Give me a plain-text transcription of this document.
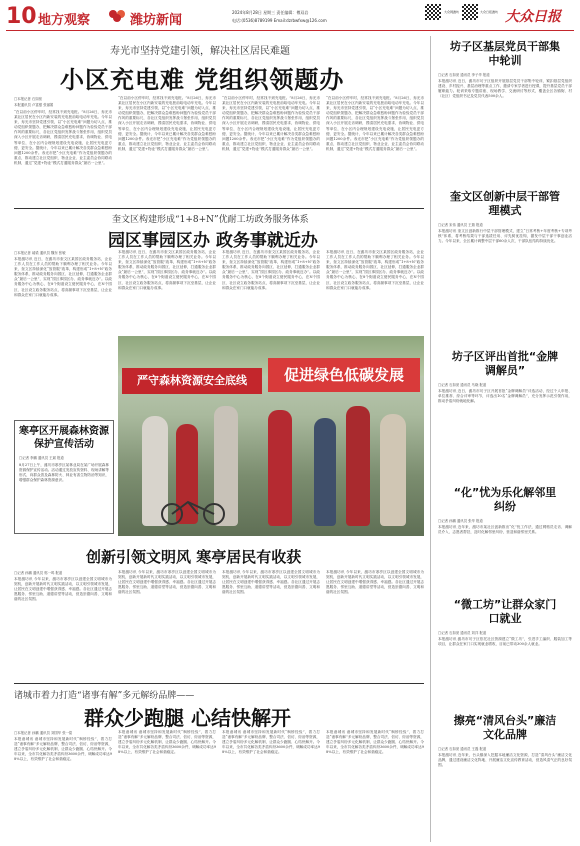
10 地方观察	潍坊新闻
2024年8月28日 星期三 责任编辑：傅双岩
电话:(0536)8789199 Email:dzrbwfxw@126.com
大众网潍坊	大众日报潍坊 大众日报
寿光市坚持党建引领，解决社区居民难题
小区充电难 党组织领题办
□本报记者 石如宽
本报通讯员 卢富强 张丽娟
“在以前小区停车时，经常找不到充电桩。”8月26日，寿光市某社区居民在小区内新安装的充电桩前给电动车充电。今年以来，寿光市坚持党建引领，以“小区充电难”问题为切入点，推动党组织领题办，把解决群众急难愁盼问题作为检验党员干部作风的重要标尺，各社区党组织发挥战斗堡垒作用，组织党员深入小区开展走访调研，摸清居民充电需求，协调物业、供电等单位，在小区内合理规划建设充电设施，让居民充电更方便、更安全。据统计，今年以来已累计解决各类群众急难愁盼问题1200余件。寿光市把“小区充电难”作为党组织领题办的重点，推动建立社区党组织、物业企业、业主委员会协同联动机制，通过“党建+物业”模式打通服务群众“最后一公里”。
“在以前小区停车时，经常找不到充电桩。”8月26日，寿光市某社区居民在小区内新安装的充电桩前给电动车充电。今年以来，寿光市坚持党建引领，以“小区充电难”问题为切入点，推动党组织领题办，把解决群众急难愁盼问题作为检验党员干部作风的重要标尺，各社区党组织发挥战斗堡垒作用，组织党员深入小区开展走访调研，摸清居民充电需求，协调物业、供电等单位，在小区内合理规划建设充电设施，让居民充电更方便、更安全。据统计，今年以来已累计解决各类群众急难愁盼问题1200余件。寿光市把“小区充电难”作为党组织领题办的重点，推动建立社区党组织、物业企业、业主委员会协同联动机制，通过“党建+物业”模式打通服务群众“最后一公里”。
“在以前小区停车时，经常找不到充电桩。”8月26日，寿光市某社区居民在小区内新安装的充电桩前给电动车充电。今年以来，寿光市坚持党建引领，以“小区充电难”问题为切入点，推动党组织领题办，把解决群众急难愁盼问题作为检验党员干部作风的重要标尺，各社区党组织发挥战斗堡垒作用，组织党员深入小区开展走访调研，摸清居民充电需求，协调物业、供电等单位，在小区内合理规划建设充电设施，让居民充电更方便、更安全。据统计，今年以来已累计解决各类群众急难愁盼问题1200余件。寿光市把“小区充电难”作为党组织领题办的重点，推动建立社区党组织、物业企业、业主委员会协同联动机制，通过“党建+物业”模式打通服务群众“最后一公里”。
“在以前小区停车时，经常找不到充电桩。”8月26日，寿光市某社区居民在小区内新安装的充电桩前给电动车充电。今年以来，寿光市坚持党建引领，以“小区充电难”问题为切入点，推动党组织领题办，把解决群众急难愁盼问题作为检验党员干部作风的重要标尺，各社区党组织发挥战斗堡垒作用，组织党员深入小区开展走访调研，摸清居民充电需求，协调物业、供电等单位，在小区内合理规划建设充电设施，让居民充电更方便、更安全。据统计，今年以来已累计解决各类群众急难愁盼问题1200余件。寿光市把“小区充电难”作为党组织领题办的重点，推动建立社区党组织、物业企业、业主委员会协同联动机制，通过“党建+物业”模式打通服务群众“最后一公里”。
奎文区构建形成“1+8+N”优耐工坊政务服务体系
园区事园区办 政务事就近办
□本报记者 郝梁 通讯员 魏东 张敏
本报潍坊讯 近日，在潍坊市奎文区某园区政务服务站，企业工作人员在工作人员的帮助下顺利办理了相关业务。今年以来，奎文区持续深化“放管服”改革，构建形成“1+8+N”政务服务体系，推动政务服务向园区、社区延伸，打通服务企业群众“最后一公里”，实现“园区事园区办、政务事就近办”。以政务服务中心为核心，在8个街道设立便民服务中心，在N个园区、社区设立政务服务站点，将高频事项下沉至基层，让企业和群众在家门口就能办成事。
本报潍坊讯 近日，在潍坊市奎文区某园区政务服务站，企业工作人员在工作人员的帮助下顺利办理了相关业务。今年以来，奎文区持续深化“放管服”改革，构建形成“1+8+N”政务服务体系，推动政务服务向园区、社区延伸，打通服务企业群众“最后一公里”，实现“园区事园区办、政务事就近办”。以政务服务中心为核心，在8个街道设立便民服务中心，在N个园区、社区设立政务服务站点，将高频事项下沉至基层，让企业和群众在家门口就能办成事。
本报潍坊讯 近日，在潍坊市奎文区某园区政务服务站，企业工作人员在工作人员的帮助下顺利办理了相关业务。今年以来，奎文区持续深化“放管服”改革，构建形成“1+8+N”政务服务体系，推动政务服务向园区、社区延伸，打通服务企业群众“最后一公里”，实现“园区事园区办、政务事就近办”。以政务服务中心为核心，在8个街道设立便民服务中心，在N个园区、社区设立政务服务站点，将高频事项下沉至基层，让企业和群众在家门口就能办成事。
本报潍坊讯 近日，在潍坊市奎文区某园区政务服务站，企业工作人员在工作人员的帮助下顺利办理了相关业务。今年以来，奎文区持续深化“放管服”改革，构建形成“1+8+N”政务服务体系，推动政务服务向园区、社区延伸，打通服务企业群众“最后一公里”，实现“园区事园区办、政务事就近办”。以政务服务中心为核心，在8个街道设立便民服务中心，在N个园区、社区设立政务服务站点，将高频事项下沉至基层，让企业和群众在家门口就能办成事。
严守森林资源安全底线	促进绿色低碳发展
寒亭区开展森林资源保护宣传活动
□记者 李鹏 通讯员 王斌 报道
8月27日上午，潍坊市寒亭区某林业局在某广场开展森林资源保护宣传活动。活动通过发放宣传资料、现场讲解等形式，向群众普及森林防火、林业有害生物防治等知识，增强群众保护森林资源意识。
创新引领文明风 寒亭居民有收获
□记者 孙鹏 通讯员 郭一鸣 报道
本报潍坊讯 今年以来，潍坊市寒亭区以创建全国文明城市为契机，创新开展新时代文明实践活动，以文明引领城市发展，让居民在文明创建中增强获得感、幸福感。各社区通过开展志愿服务、邻里互助、道德讲堂等活动，营造崇德向善、文明和谐的社区氛围。
本报潍坊讯 今年以来，潍坊市寒亭区以创建全国文明城市为契机，创新开展新时代文明实践活动，以文明引领城市发展，让居民在文明创建中增强获得感、幸福感。各社区通过开展志愿服务、邻里互助、道德讲堂等活动，营造崇德向善、文明和谐的社区氛围。
本报潍坊讯 今年以来，潍坊市寒亭区以创建全国文明城市为契机，创新开展新时代文明实践活动，以文明引领城市发展，让居民在文明创建中增强获得感、幸福感。各社区通过开展志愿服务、邻里互助、道德讲堂等活动，营造崇德向善、文明和谐的社区氛围。
本报潍坊讯 今年以来，潍坊市寒亭区以创建全国文明城市为契机，创新开展新时代文明实践活动，以文明引领城市发展，让居民在文明创建中增强获得感、幸福感。各社区通过开展志愿服务、邻里互助、道德讲堂等活动，营造崇德向善、文明和谐的社区氛围。
诸城市着力打造“诸事有解”多元解纷品牌——
群众少跑腿 心结快解开
□本报记者 孙鹏 通讯员 刘国华 张一铭
本报诸城讯 诸城市坚持和发展新时代“枫桥经验”，着力打造“诸事有解”多元解纷品牌，整合司法、信访、综治等资源，建立矛盾纠纷多元化解机制，让群众少跑腿、心结快解开。今年以来，全市共化解各类矛盾纠纷3600余件，调解成功率达98%以上，有效维护了社会和谐稳定。
本报诸城讯 诸城市坚持和发展新时代“枫桥经验”，着力打造“诸事有解”多元解纷品牌，整合司法、信访、综治等资源，建立矛盾纠纷多元化解机制，让群众少跑腿、心结快解开。今年以来，全市共化解各类矛盾纠纷3600余件，调解成功率达98%以上，有效维护了社会和谐稳定。
本报诸城讯 诸城市坚持和发展新时代“枫桥经验”，着力打造“诸事有解”多元解纷品牌，整合司法、信访、综治等资源，建立矛盾纠纷多元化解机制，让群众少跑腿、心结快解开。今年以来，全市共化解各类矛盾纠纷3600余件，调解成功率达98%以上，有效维护了社会和谐稳定。
本报诸城讯 诸城市坚持和发展新时代“枫桥经验”，着力打造“诸事有解”多元解纷品牌，整合司法、信访、综治等资源，建立矛盾纠纷多元化解机制，让群众少跑腿、心结快解开。今年以来，全市共化解各类矛盾纠纷3600余件，调解成功率达98%以上，有效维护了社会和谐稳定。
坊子区基层党员干部集中轮训
□记者 石如宽 通讯员 李子华 报道
本报潍坊讯 近日，潍坊市坊子区组织开展基层党员干部集中轮训，紧扣基层党组织建设、乡村振兴、基层治理等重点工作，邀请专家学者进行授课，提升基层党员干部履职能力。轮训采取专题讲座、现场教学、交流研讨等形式，覆盖全区各镇街、村（社区）党组织书记及党员代表500余人。
奎文区创新中层干部管理模式
□记者 宋伟 通讯员 王瑞 报道
本报潍坊讯 奎文区创新推行中层干部管理模式，建立“日常考核+年度考核+专项考核”体系，将考核结果与干部选拔任用、评先树优挂钩，激发中层干部干事创业活力。今年以来，全区累计调整中层干部60余人次，干部队伍结构持续优化。
坊子区评出首批“金牌调解员”
□记者 石如宽 通讯员 马晓 报道
本报潍坊讯 近日，潍坊市坊子区开展首批“金牌调解员”评选活动，经过个人申报、单位推荐、综合评审等环节，评选出10名“金牌调解员”，充分发挥示范引领作用，推动矛盾纠纷就地化解。
“化”忧为乐化解邻里纠纷
□记者 孙鹏 通讯员 张华 报道
本报潍坊讯 近年来，潍坊市某社区创新推出“化”忧工作法，通过网格员走访、调解员介入、志愿者帮扶，及时化解邻里纠纷，营造和谐邻里关系。
“微工坊”让群众家门口就业
□记者 石如宽 通讯员 刘洋 报道
本报潍坊讯 潍坊市坊子区依托社区资源建立“微工坊”，引进手工编织、服装加工等项目，让群众在家门口实现就业增收，目前已带动300余人就业。
擦亮“清风台头”廉洁文化品牌
□记者 石如宽 通讯员 王磊 报道
本报潍坊讯 近年来，台头镇深入挖掘本地廉洁文化资源，打造“清风台头”廉洁文化品牌，通过建设廉洁文化阵地、开展廉洁文化宣传教育活动，营造风清气正的良好氛围。
